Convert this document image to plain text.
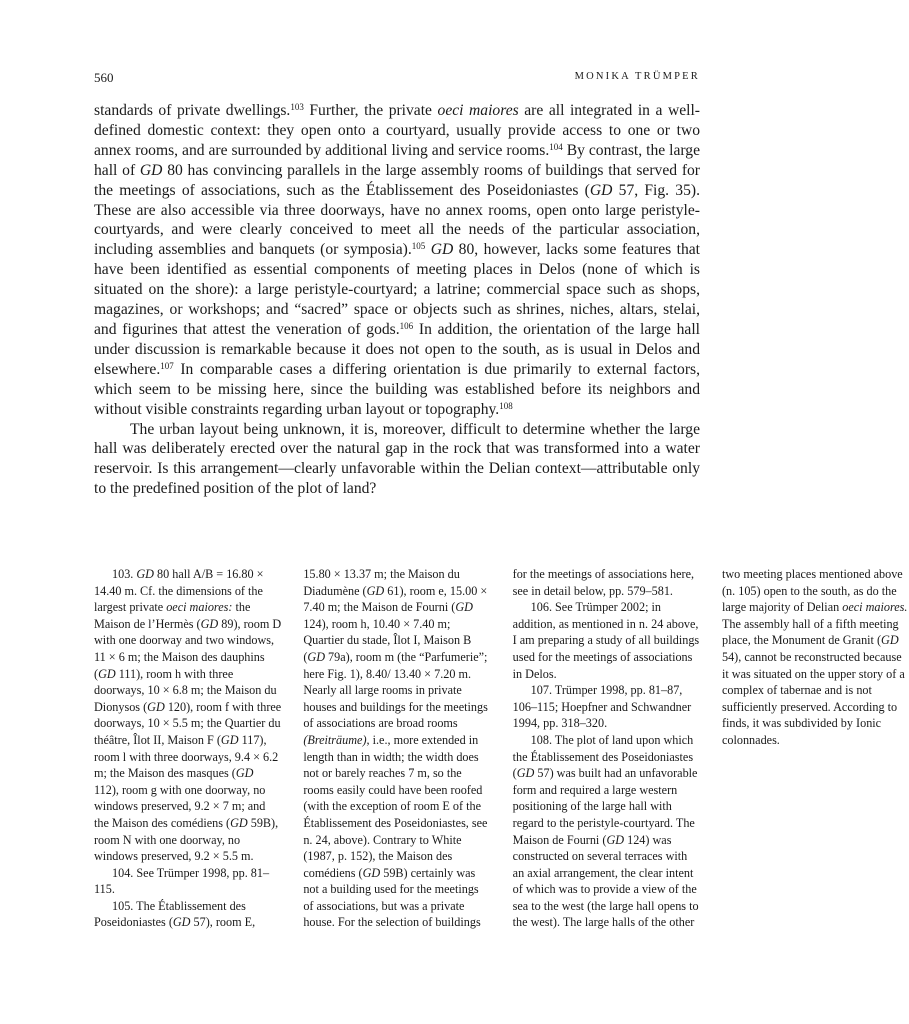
560	MONIKA TRÜMPER

standards of private dwellings.$^{103}$ Further, the private oeci maiores are all integrated in a well-defined domestic context: they open onto a courtyard, usually provide access to one or two annex rooms, and are surrounded by additional living and service rooms.$^{104}$ By contrast, the large hall of GD 80 has convincing parallels in the large assembly rooms of buildings that served for the meetings of associations, such as the Établissement des Poseidoniastes (GD 57, Fig. 35). These are also accessible via three doorways, have no annex rooms, open onto large peristyle-courtyards, and were clearly conceived to meet all the needs of the particular association, including assemblies and banquets (or symposia).$^{105}$ GD 80, however, lacks some features that have been identified as essential components of meeting places in Delos (none of which is situated on the shore): a large peristyle-courtyard; a latrine; commercial space such as shops, magazines, or workshops; and “sacred” space or objects such as shrines, niches, altars, stelai, and figurines that attest the veneration of gods.$^{106}$ In addition, the orientation of the large hall under discussion is remarkable because it does not open to the south, as is usual in Delos and elsewhere.$^{107}$ In comparable cases a differing orientation is due primarily to external factors, which seem to be missing here, since the building was established before its neighbors and without visible constraints regarding urban layout or topography.$^{108}$

The urban layout being unknown, it is, moreover, difficult to determine whether the large hall was deliberately erected over the natural gap in the rock that was transformed into a water reservoir. Is this arrangement—clearly unfavorable within the Delian context—attributable only to the predefined position of the plot of land?

103. GD 80 hall A/B = 16.80 × 14.40 m. Cf. the dimensions of the largest private oeci maiores: the Maison de l’Hermès (GD 89), room D with one doorway and two windows, 11 × 6 m; the Maison des dauphins (GD 111), room h with three doorways, 10 × 6.8 m; the Maison du Dionysos (GD 120), room f with three doorways, 10 × 5.5 m; the Quartier du théâtre, Îlot II, Maison F (GD 117), room l with three doorways, 9.4 × 6.2 m; the Maison des masques (GD 112), room g with one doorway, no windows preserved, 9.2 × 7 m; and the Maison des comédiens (GD 59B), room N with one doorway, no windows preserved, 9.2 × 5.5 m.

104. See Trümper 1998, pp. 81–115.

105. The Établissement des Poseidoniastes (GD 57), room E, 15.80 × 13.37 m; the Maison du Diadumène (GD 61), room e, 15.00 × 7.40 m; the Maison de Fourni (GD 124), room h, 10.40 × 7.40 m; Quartier du stade, Îlot I, Maison B (GD 79a), room m (the “Parfumerie”; here Fig. 1), 8.40/ 13.40 × 7.20 m. Nearly all large rooms in private houses and buildings for the meetings of associations are broad rooms (Breiträume), i.e., more extended in length than in width; the width does not or barely reaches 7 m, so the rooms easily could have been roofed (with the exception of room E of the Établissement des Poseidoniastes, see n. 24, above). Contrary to White (1987, p. 152), the Maison des comédiens (GD 59B) certainly was not a building used for the meetings of associations, but was a private house. For the selection of buildings for the meetings of associations here, see in detail below, pp. 579–581.

106. See Trümper 2002; in addition, as mentioned in n. 24 above, I am preparing a study of all buildings used for the meetings of associations in Delos.

107. Trümper 1998, pp. 81–87, 106–115; Hoepfner and Schwandner 1994, pp. 318–320.

108. The plot of land upon which the Établissement des Poseidoniastes (GD 57) was built had an unfavorable form and required a large western positioning of the large hall with regard to the peristyle-courtyard. The Maison de Fourni (GD 124) was constructed on several terraces with an axial arrangement, the clear intent of which was to provide a view of the sea to the west (the large hall opens to the west). The large halls of the other two meeting places mentioned above (n. 105) open to the south, as do the large majority of Delian oeci maiores. The assembly hall of a fifth meeting place, the Monument de Granit (GD 54), cannot be reconstructed because it was situated on the upper story of a complex of tabernae and is not sufficiently preserved. According to finds, it was subdivided by Ionic colonnades.
